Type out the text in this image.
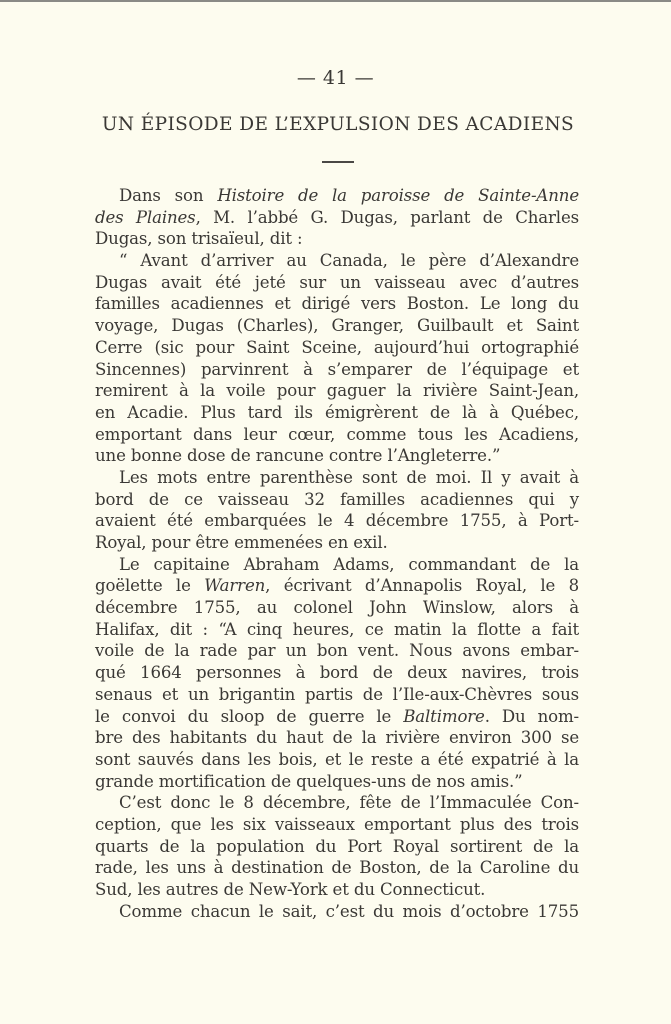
— 41 —
UN ÉPISODE DE L’EXPULSION DES ACADIENS
Dans son Histoire de la paroisse de Sainte-Anne
des Plaines, M. l’abbé G. Dugas, parlant de Charles
Dugas, son trisaïeul, dit :
“ Avant d’arriver au Canada, le père d’Alexandre
Dugas avait été jeté sur un vaisseau avec d’autres
familles acadiennes et dirigé vers Boston. Le long du
voyage, Dugas (Charles), Granger, Guilbault et Saint
Cerre (sic pour Saint Sceine, aujourd’hui ortographié
Sincennes) parvinrent à s’emparer de l’équipage et
remirent à la voile pour gaguer la rivière Saint-Jean,
en Acadie. Plus tard ils émigrèrent de là à Québec,
emportant dans leur cœur, comme tous les Acadiens,
une bonne dose de rancune contre l’Angleterre.”
Les mots entre parenthèse sont de moi. Il y avait à
bord de ce vaisseau 32 familles acadiennes qui y
avaient été embarquées le 4 décembre 1755, à Port-
Royal, pour être emmenées en exil.
Le capitaine Abraham Adams, commandant de la
goëlette le Warren, écrivant d’Annapolis Royal, le 8
décembre 1755, au colonel John Winslow, alors à
Halifax, dit : “A cinq heures, ce matin la flotte a fait
voile de la rade par un bon vent. Nous avons embar-
qué 1664 personnes à bord de deux navires, trois
senaus et un brigantin partis de l’Ile-aux-Chèvres sous
le convoi du sloop de guerre le Baltimore. Du nom-
bre des habitants du haut de la rivière environ 300 se
sont sauvés dans les bois, et le reste a été expatrié à la
grande mortification de quelques-uns de nos amis.”
C’est donc le 8 décembre, fête de l’Immaculée Con-
ception, que les six vaisseaux emportant plus des trois
quarts de la population du Port Royal sortirent de la
rade, les uns à destination de Boston, de la Caroline du
Sud, les autres de New-York et du Connecticut.
Comme chacun le sait, c’est du mois d’octobre 1755
